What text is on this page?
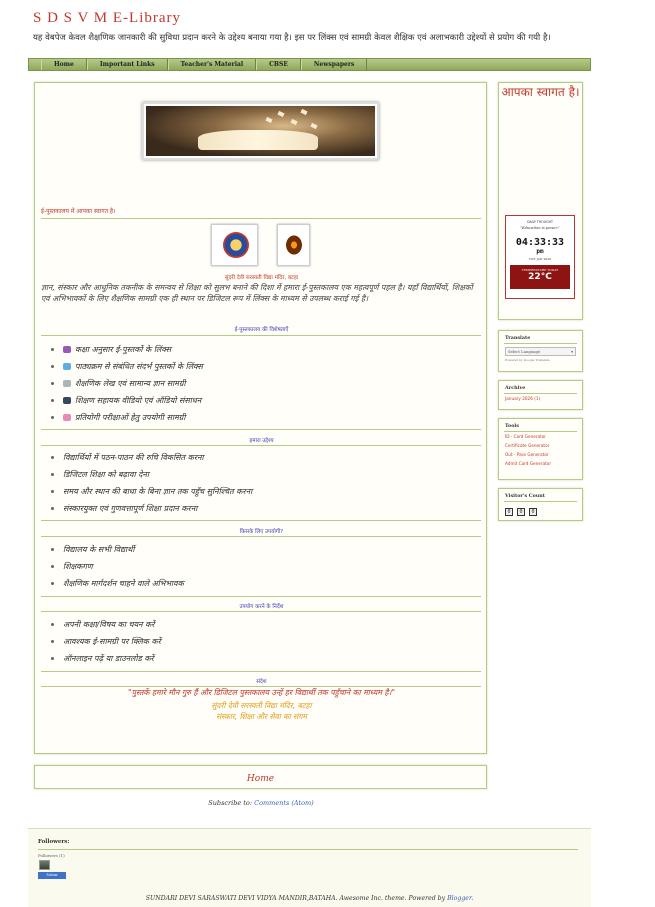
S D S V M E-Library
यह वेबपेज केवल शैक्षणिक जानकारी की सुविधा प्रदान करने के उद्देश्य बनाया गया है। इस पर लिंक्स एवं सामग्री केवल शैक्षिक एवं अलाभकारी उद्देश्यों से प्रयोग की गयी है।
Home	Important Links	Teacher's Material	CBSE	Newspapers
ई-पुस्तकालय में आपका स्वागत है।
सुंदरी देवी सरस्वती विद्या मंदिर, बटहा
ज्ञान, संस्कार और आधुनिक तकनीक के समन्वय से शिक्षा को सुलभ बनाने की दिशा में हमारा ई-पुस्तकालय एक महत्वपूर्ण पहल है। यहाँ विद्यार्थियों, शिक्षकों एवं अभिभावकों के लिए शैक्षणिक सामग्री एक ही स्थान पर डिजिटल रूप में लिंक्स के माध्यम से उपलब्ध कराई गई है।
ई-पुस्तकालय की विशेषताएँ
कक्षा अनुसार ई-पुस्तकों के लिंक्स
पाठ्यक्रम से संबंधित संदर्भ पुस्तकों के लिंक्स
शैक्षणिक लेख एवं सामान्य ज्ञान सामग्री
शिक्षण सहायक वीडियो एवं ऑडियो संसाधन
प्रतियोगी परीक्षाओं हेतु उपयोगी सामग्री
हमारा उद्देश्य
विद्यार्थियों में पठन-पाठन की रुचि विकसित करना
डिजिटल शिक्षा को बढ़ावा देना
समय और स्थान की बाधा के बिना ज्ञान तक पहुँच सुनिश्चित करना
संस्कारयुक्त एवं गुणवत्तापूर्ण शिक्षा प्रदान करना
किसके लिए उपयोगी?
विद्यालय के सभी विद्यार्थी
शिक्षकगण
शैक्षणिक मार्गदर्शन चाहने वाले अभिभावक
उपयोग करने के निर्देश
अपनी कक्षा/विषय का चयन करें
आवश्यक ई-सामग्री पर क्लिक करें
ऑनलाइन पढ़ें या डाउनलोड करें
संदेश
"पुस्तकें हमारे मौन गुरु हैं और डिजिटल पुस्तकालय उन्हें हर विद्यार्थी तक पहुँचाने का माध्यम है।"
सुंदरी देवी सरस्वती विद्या मंदिर, बटहा
संस्कार, शिक्षा और सेवा का संगम
Home
Subscribe to: Comments (Atom)
आपका स्वागत है।
DAILY THOUGHT
"Education is power."
04:33:33
pm
TUE JAN 2026
TEMPERATURE TODAY
22°C
Translate
Select Language	▾
Powered by Google Translate
Archive
January 2026 (1)
Tools
ID - Card Generator
Certificate Generator
Out - Pass Generator
Admit Card Generator
Visitor's Count
0	0	0
Followers:
Followers (1)
Follow
SUNDARI DEVI SARASWATI DEVI VIDYA MANDIR,BATAHA. Awesome Inc. theme. Powered by Blogger.
